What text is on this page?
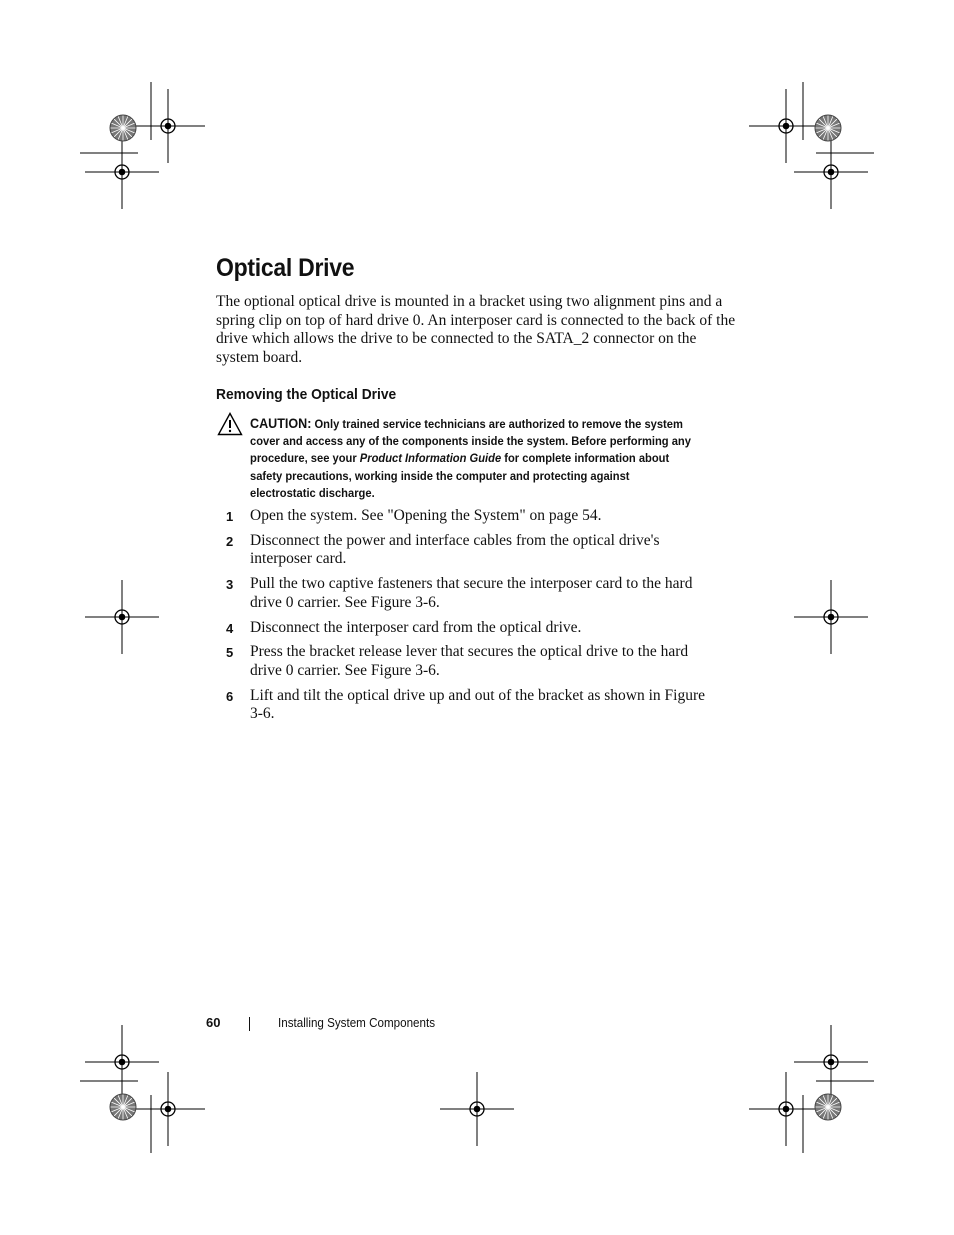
Optical Drive

The optional optical drive is mounted in a bracket using two alignment pins and a spring clip on top of hard drive 0. An interposer card is connected to the back of the drive which allows the drive to be connected to the SATA_2 connector on the system board.

Removing the Optical Drive

CAUTION: Only trained service technicians are authorized to remove the system cover and access any of the components inside the system. Before performing any procedure, see your Product Information Guide for complete information about safety precautions, working inside the computer and protecting against electrostatic discharge.

1	Open the system. See "Opening the System" on page 54.
2	Disconnect the power and interface cables from the optical drive's interposer card.
3	Pull the two captive fasteners that secure the interposer card to the hard drive 0 carrier. See Figure 3-6.
4	Disconnect the interposer card from the optical drive.
5	Press the bracket release lever that secures the optical drive to the hard drive 0 carrier. See Figure 3-6.
6	Lift and tilt the optical drive up and out of the bracket as shown in Figure 3-6.
60	Installing System Components
